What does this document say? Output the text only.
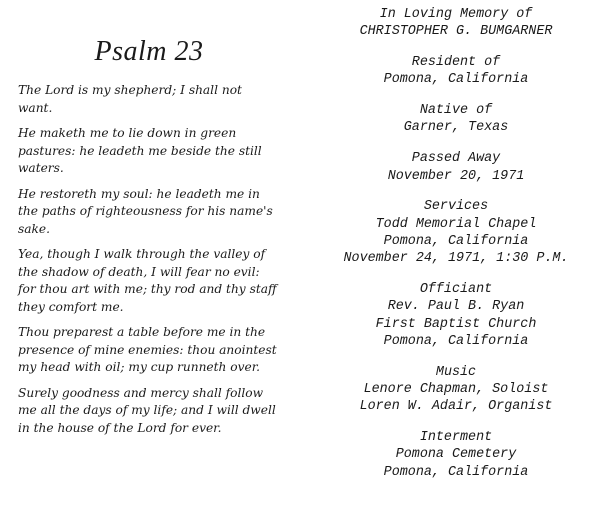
Psalm 23

The Lord is my shepherd; I shall not want.

He maketh me to lie down in green pastures: he leadeth me beside the still waters.

He restoreth my soul: he leadeth me in the paths of righteousness for his name's sake.

Yea, though I walk through the valley of the shadow of death, I will fear no evil: for thou art with me; thy rod and thy staff they comfort me.

Thou preparest a table before me in the presence of mine enemies: thou anointest my head with oil; my cup runneth over.

Surely goodness and mercy shall follow me all the days of my life; and I will dwell in the house of the Lord for ever.

In Loving Memory of
CHRISTOPHER G. BUMGARNER
Resident of
Pomona, California
Native of
Garner, Texas
Passed Away
November 20, 1971
Services
Todd Memorial Chapel
Pomona, California
November 24, 1971, 1:30 P.M.
Officiant
Rev. Paul B. Ryan
First Baptist Church
Pomona, California
Music
Lenore Chapman, Soloist
Loren W. Adair, Organist
Interment
Pomona Cemetery
Pomona, California
